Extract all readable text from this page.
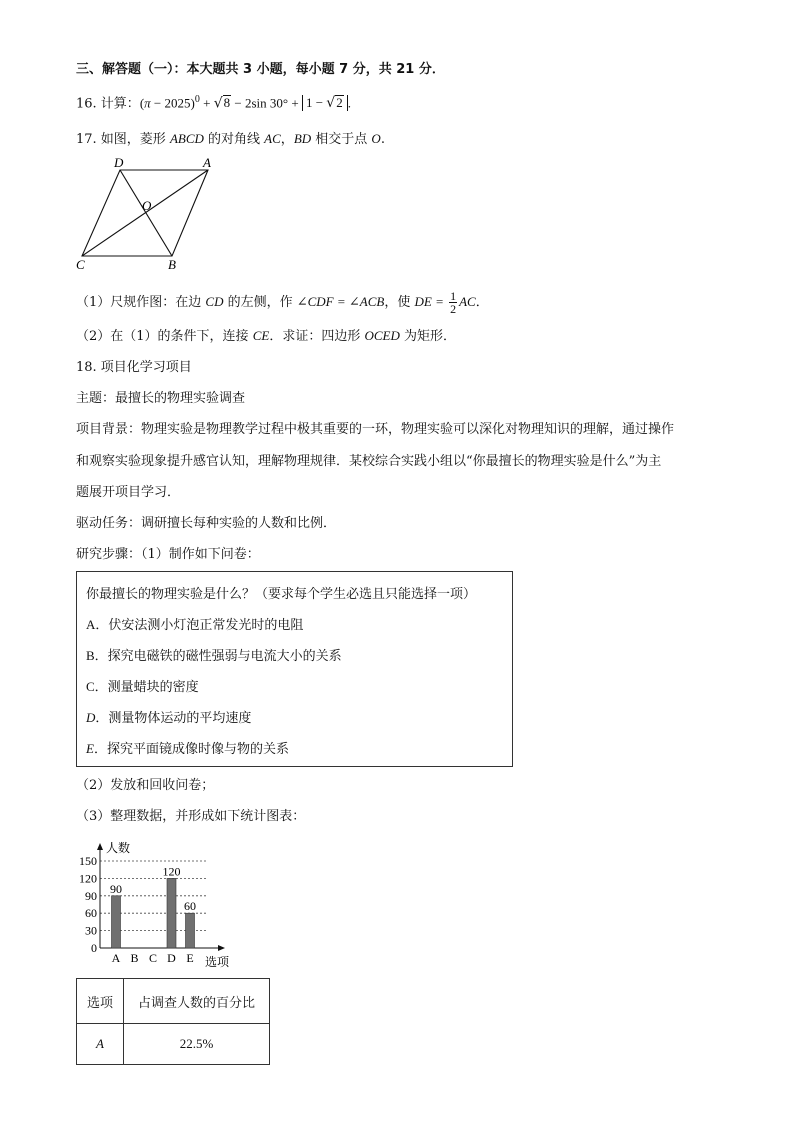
三、解答题（一）：本大题共 3 小题，每小题 7 分，共 21 分．
16. 计算：$(\pi - 2025)^0 + √8 - 2\sin$ 30° + 1 − √2 .
17. 如图，菱形 ABCD 的对角线 AC，BD 相交于点 O.
D	A
O
C	B
（1）尺规作图：在边 CD 的左侧，作 ∠CDF = ∠ACB，使 DE = $\frac{1}{2}$ AC．
（2）在（1）的条件下，连接 CE．求证：四边形 OCED 为矩形．
18. 项目化学习项目
主题：最擅长的物理实验调查
项目背景：物理实验是物理教学过程中极其重要的一环，物理实验可以深化对物理知识的理解，通过操作
和观察实验现象提升感官认知，理解物理规律．某校综合实践小组以“你最擅长的物理实验是什么”为主
题展开项目学习．
驱动任务：调研擅长每种实验的人数和比例．
研究步骤：（1）制作如下问卷：
你最擅长的物理实验是什么？（要求每个学生必选且只能选择一项）
A．伏安法测小灯泡正常发光时的电阻
B．探究电磁铁的磁性强弱与电流大小的关系
C．测量蜡块的密度
D．测量物体运动的平均速度
E．探究平面镜成像时像与物的关系
（2）发放和回收问卷；
（3）整理数据，并形成如下统计图表：
0
30
60
90
120
150
人数
选项
A
90
B C D
120
E
60
选项	占调查人数的百分比
A	22.5%
